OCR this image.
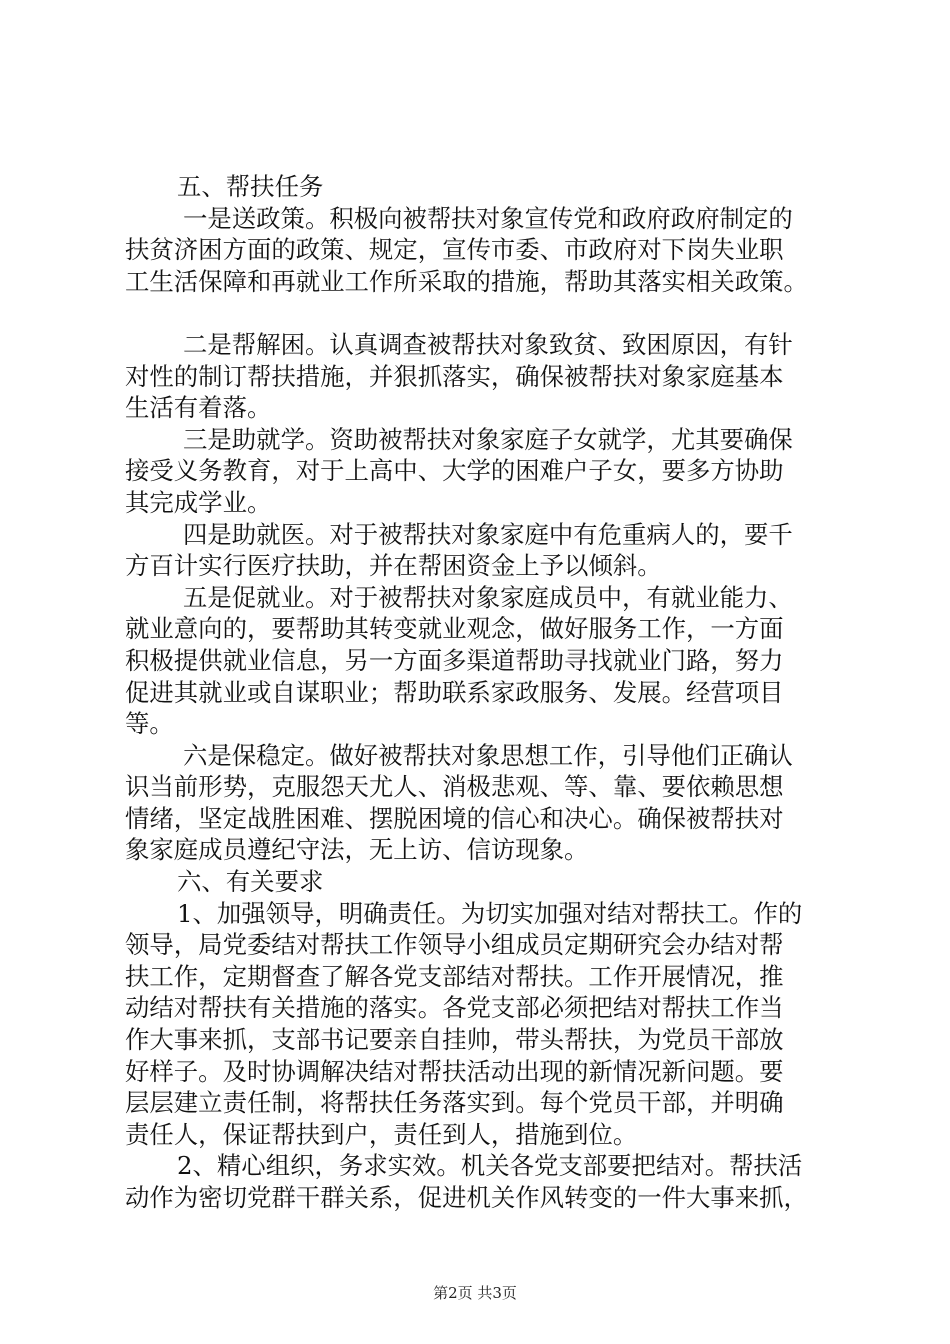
五、帮扶任务
一是送政策。积极向被帮扶对象宣传党和政府政府制定的
扶贫济困方面的政策、规定，宣传市委、市政府对下岗失业职
工生活保障和再就业工作所采取的措施，帮助其落实相关政策。
二是帮解困。认真调查被帮扶对象致贫、致困原因，有针
对性的制订帮扶措施，并狠抓落实，确保被帮扶对象家庭基本
生活有着落。
三是助就学。资助被帮扶对象家庭子女就学，尤其要确保
接受义务教育，对于上高中、大学的困难户子女，要多方协助
其完成学业。
四是助就医。对于被帮扶对象家庭中有危重病人的，要千
方百计实行医疗扶助，并在帮困资金上予以倾斜。
五是促就业。对于被帮扶对象家庭成员中，有就业能力、
就业意向的，要帮助其转变就业观念，做好服务工作，一方面
积极提供就业信息，另一方面多渠道帮助寻找就业门路，努力
促进其就业或自谋职业；帮助联系家政服务、发展。经营项目
等。
六是保稳定。做好被帮扶对象思想工作，引导他们正确认
识当前形势，克服怨天尤人、消极悲观、等、靠、要依赖思想
情绪，坚定战胜困难、摆脱困境的信心和决心。确保被帮扶对
象家庭成员遵纪守法，无上访、信访现象。
六、有关要求
1、加强领导，明确责任。为切实加强对结对帮扶工。作的
领导，局党委结对帮扶工作领导小组成员定期研究会办结对帮
扶工作，定期督查了解各党支部结对帮扶。工作开展情况，推
动结对帮扶有关措施的落实。各党支部必须把结对帮扶工作当
作大事来抓，支部书记要亲自挂帅，带头帮扶，为党员干部放
好样子。及时协调解决结对帮扶活动出现的新情况新问题。要
层层建立责任制，将帮扶任务落实到。每个党员干部，并明确
责任人，保证帮扶到户，责任到人，措施到位。
2、精心组织，务求实效。机关各党支部要把结对。帮扶活
动作为密切党群干群关系，促进机关作风转变的一件大事来抓，
第2页 共3页
